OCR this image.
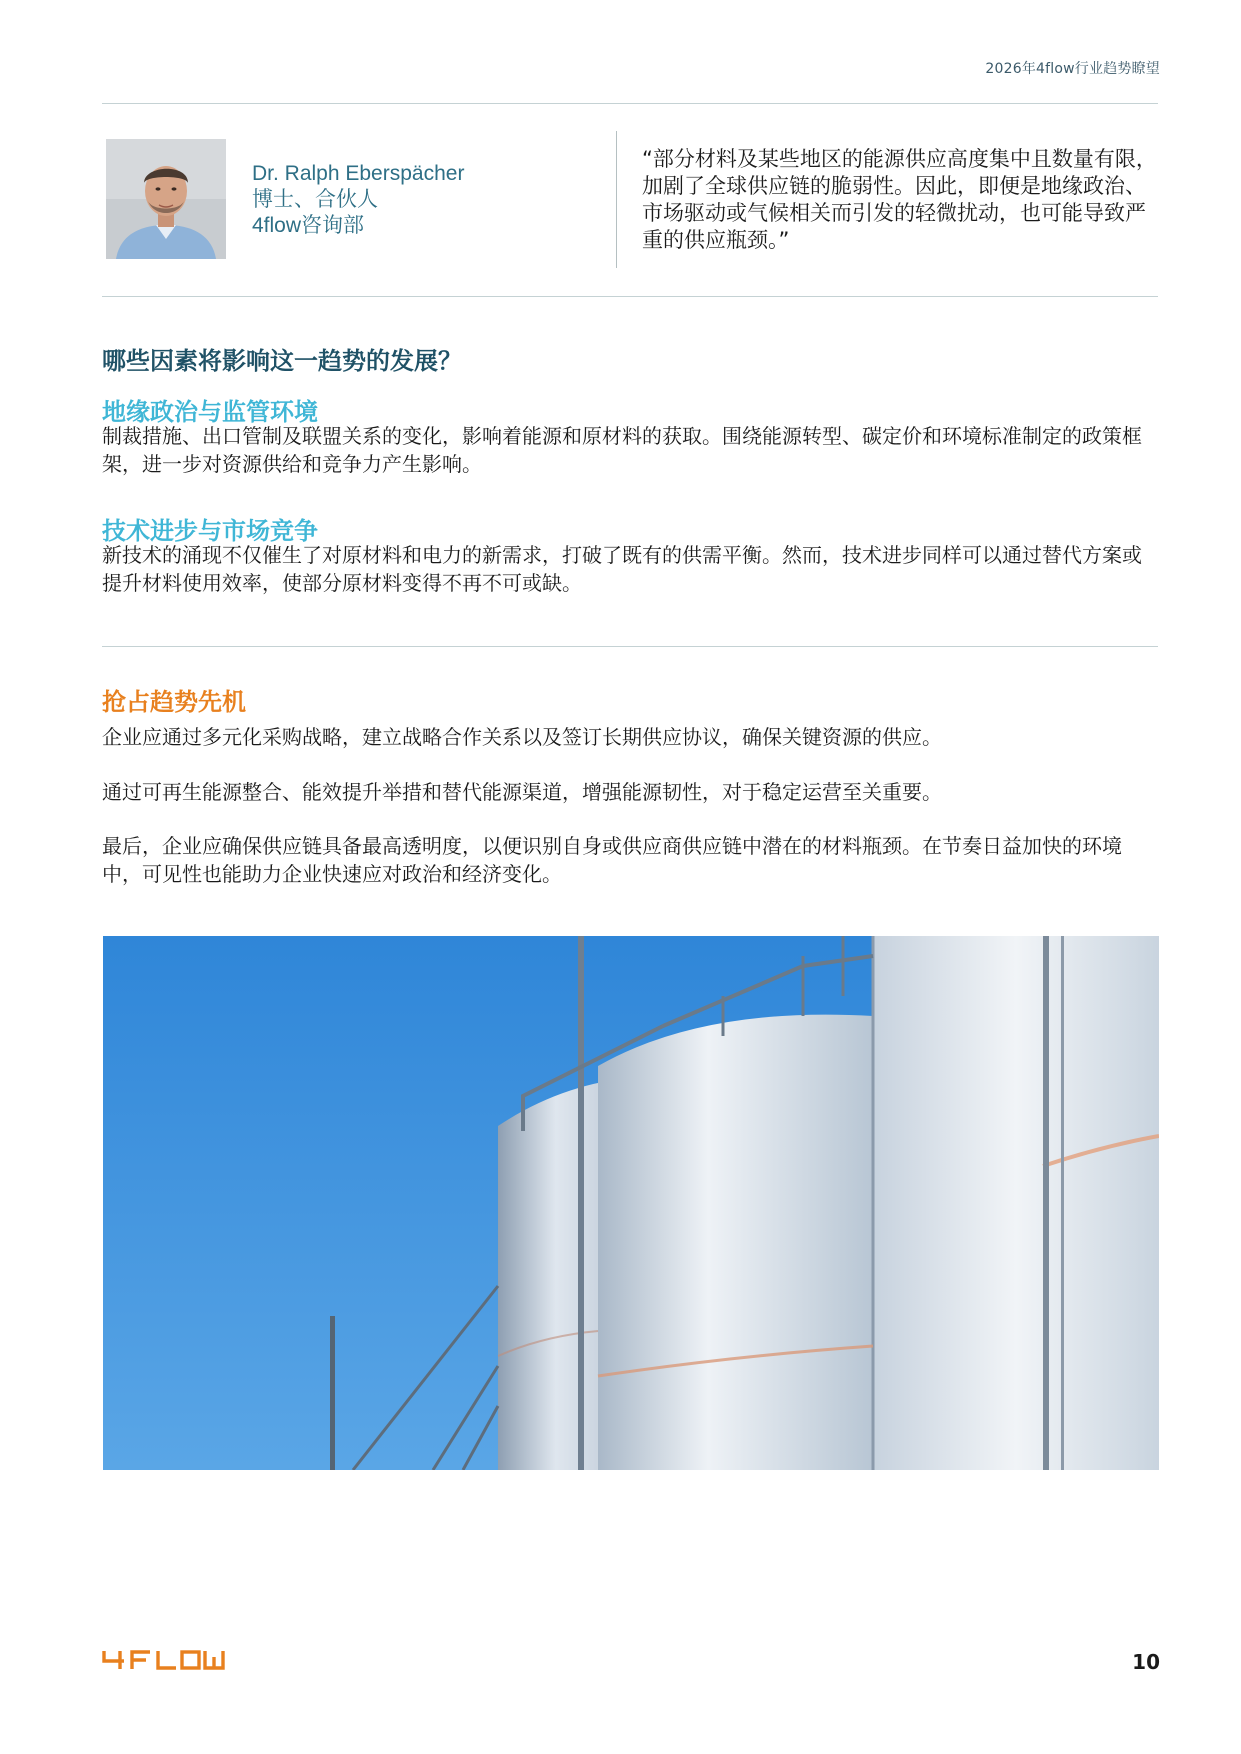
2026年4flow行业趋势瞭望
Dr. Ralph Eberspächer
博士、合伙人
4flow咨询部
“部分材料及某些地区的能源供应高度集中且数量有限，加剧了全球供应链的脆弱性。因此，即便是地缘政治、市场驱动或气候相关而引发的轻微扰动，也可能导致严重的供应瓶颈。”
哪些因素将影响这一趋势的发展？
地缘政治与监管环境
制裁措施、出口管制及联盟关系的变化，影响着能源和原材料的获取。围绕能源转型、碳定价和环境标准制定的政策框架，进一步对资源供给和竞争力产生影响。
技术进步与市场竞争
新技术的涌现不仅催生了对原材料和电力的新需求，打破了既有的供需平衡。然而，技术进步同样可以通过替代方案或提升材料使用效率，使部分原材料变得不再不可或缺。
抢占趋势先机
企业应通过多元化采购战略，建立战略合作关系以及签订长期供应协议，确保关键资源的供应。
通过可再生能源整合、能效提升举措和替代能源渠道，增强能源韧性，对于稳定运营至关重要。
最后，企业应确保供应链具备最高透明度，以便识别自身或供应商供应链中潜在的材料瓶颈。在节奏日益加快的环境中，可见性也能助力企业快速应对政治和经济变化。
10
